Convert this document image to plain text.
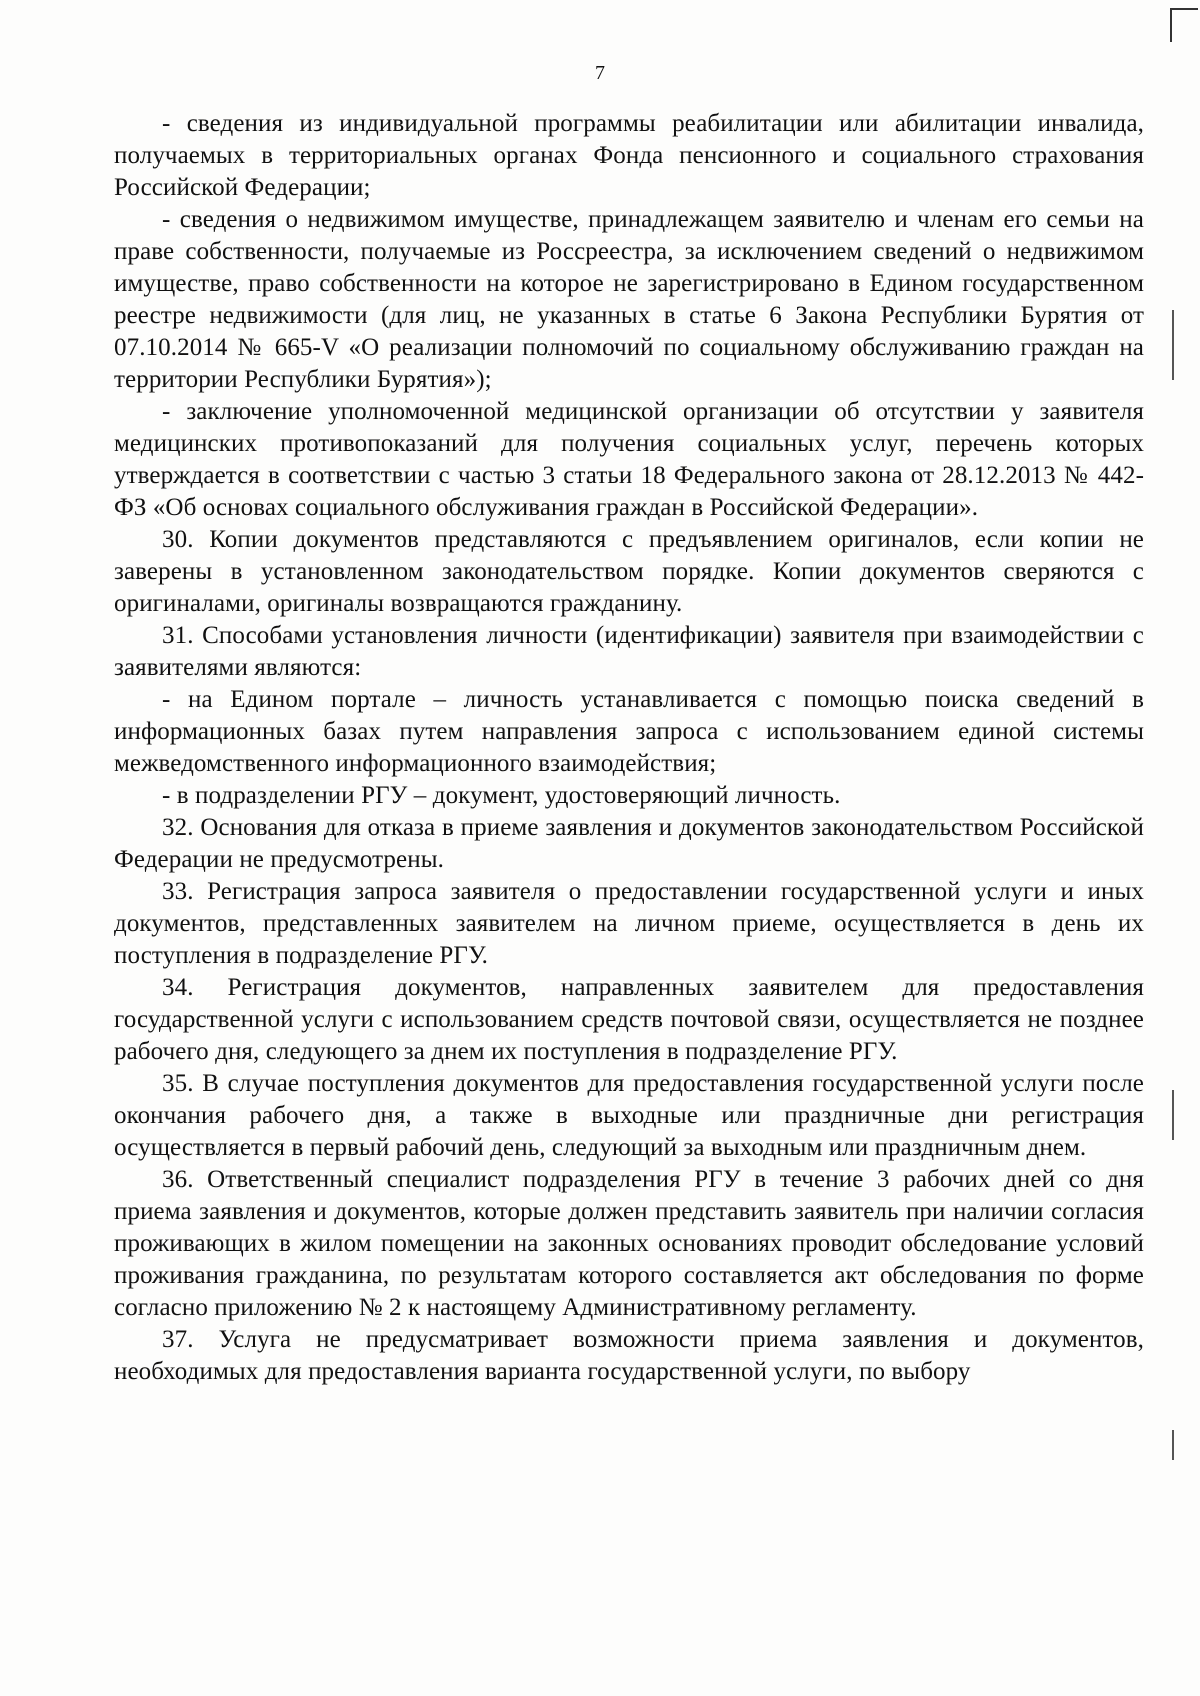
7

- сведения из индивидуальной программы реабилитации или абилитации инвалида, получаемых в территориальных органах Фонда пенсионного и социального страхования Российской Федерации;

- сведения о недвижимом имуществе, принадлежащем заявителю и членам его семьи на праве собственности, получаемые из Россреестра, за исключением сведений о недвижимом имуществе, право собственности на которое не зарегистрировано в Едином государственном реестре недвижимости (для лиц, не указанных в статье 6 Закона Республики Бурятия от 07.10.2014 № 665-V «О реализации полномочий по социальному обслуживанию граждан на территории Республики Бурятия»);

- заключение уполномоченной медицинской организации об отсутствии у заявителя медицинских противопоказаний для получения социальных услуг, перечень которых утверждается в соответствии с частью 3 статьи 18 Федерального закона от 28.12.2013 № 442-ФЗ «Об основах социального обслуживания граждан в Российской Федерации».

30. Копии документов представляются с предъявлением оригиналов, если копии не заверены в установленном законодательством порядке. Копии документов сверяются с оригиналами, оригиналы возвращаются гражданину.

31. Способами установления личности (идентификации) заявителя при взаимодействии с заявителями являются:

- на Едином портале – личность устанавливается с помощью поиска сведений в информационных базах путем направления запроса с использованием единой системы межведомственного информационного взаимодействия;

- в подразделении РГУ – документ, удостоверяющий личность.

32. Основания для отказа в приеме заявления и документов законодательством Российской Федерации не предусмотрены.

33. Регистрация запроса заявителя о предоставлении государственной услуги и иных документов, представленных заявителем на личном приеме, осуществляется в день их поступления в подразделение РГУ.

34. Регистрация документов, направленных заявителем для предоставления государственной услуги с использованием средств почтовой связи, осуществляется не позднее рабочего дня, следующего за днем их поступления в подразделение РГУ.

35. В случае поступления документов для предоставления государственной услуги после окончания рабочего дня, а также в выходные или праздничные дни регистрация осуществляется в первый рабочий день, следующий за выходным или праздничным днем.

36. Ответственный специалист подразделения РГУ в течение 3 рабочих дней со дня приема заявления и документов, которые должен представить заявитель при наличии согласия проживающих в жилом помещении на законных основаниях проводит обследование условий проживания гражданина, по результатам которого составляется акт обследования по форме согласно приложению № 2 к настоящему Административному регламенту.

37. Услуга не предусматривает возможности приема заявления и документов, необходимых для предоставления варианта государственной услуги, по выбору
